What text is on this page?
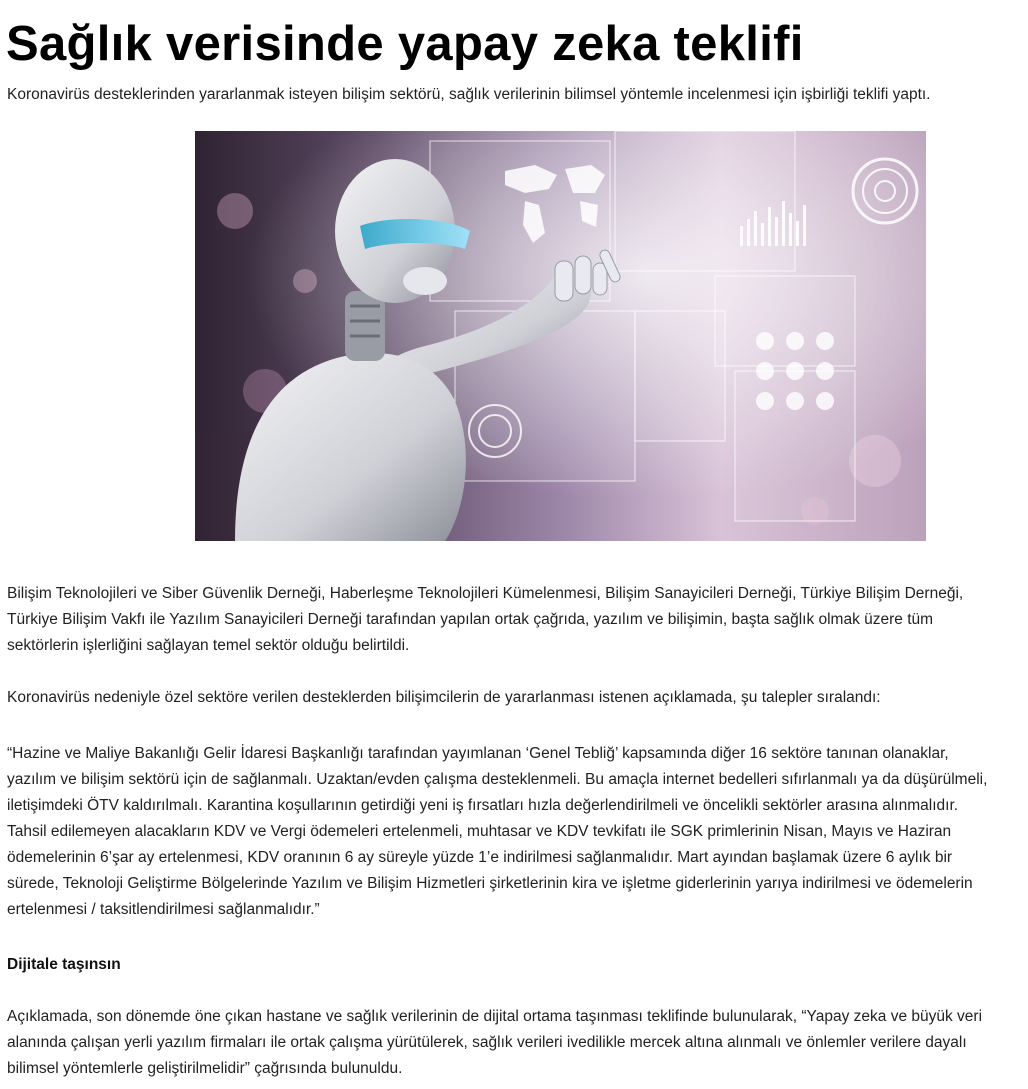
Sağlık verisinde yapay zeka teklifi

Koronavirüs desteklerinden yararlanmak isteyen bilişim sektörü, sağlık verilerinin bilimsel yöntemle incelenmesi için işbirliği teklifi yaptı.

Bilişim Teknolojileri ve Siber Güvenlik Derneği, Haberleşme Teknolojileri Kümelenmesi, Bilişim Sanayicileri Derneği, Türkiye Bilişim Derneği,
Türkiye Bilişim Vakfı ile Yazılım Sanayicileri Derneği tarafından yapılan ortak çağrıda, yazılım ve bilişimin, başta sağlık olmak üzere tüm
sektörlerin işlerliğini sağlayan temel sektör olduğu belirtildi.

Koronavirüs nedeniyle özel sektöre verilen desteklerden bilişimcilerin de yararlanması istenen açıklamada, şu talepler sıralandı:

“Hazine ve Maliye Bakanlığı Gelir İdaresi Başkanlığı tarafından yayımlanan ‘Genel Tebliğ’ kapsamında diğer 16 sektöre tanınan olanaklar,
yazılım ve bilişim sektörü için de sağlanmalı. Uzaktan/evden çalışma desteklenmeli. Bu amaçla internet bedelleri sıfırlanmalı ya da düşürülmeli,
iletişimdeki ÖTV kaldırılmalı. Karantina koşullarının getirdiği yeni iş fırsatları hızla değerlendirilmeli ve öncelikli sektörler arasına alınmalıdır.
Tahsil edilemeyen alacakların KDV ve Vergi ödemeleri ertelenmeli, muhtasar ve KDV tevkifatı ile SGK primlerinin Nisan, Mayıs ve Haziran
ödemelerinin 6’şar ay ertelenmesi, KDV oranının 6 ay süreyle yüzde 1’e indirilmesi sağlanmalıdır. Mart ayından başlamak üzere 6 aylık bir
sürede, Teknoloji Geliştirme Bölgelerinde Yazılım ve Bilişim Hizmetleri şirketlerinin kira ve işletme giderlerinin yarıya indirilmesi ve ödemelerin
ertelenmesi / taksitlendirilmesi sağlanmalıdır.”

Dijitale taşınsın

Açıklamada, son dönemde öne çıkan hastane ve sağlık verilerinin de dijital ortama taşınması teklifinde bulunularak, “Yapay zeka ve büyük veri
alanında çalışan yerli yazılım firmaları ile ortak çalışma yürütülerek, sağlık verileri ivedilikle mercek altına alınmalı ve önlemler verilere dayalı
bilimsel yöntemlerle geliştirilmelidir” çağrısında bulunuldu.
